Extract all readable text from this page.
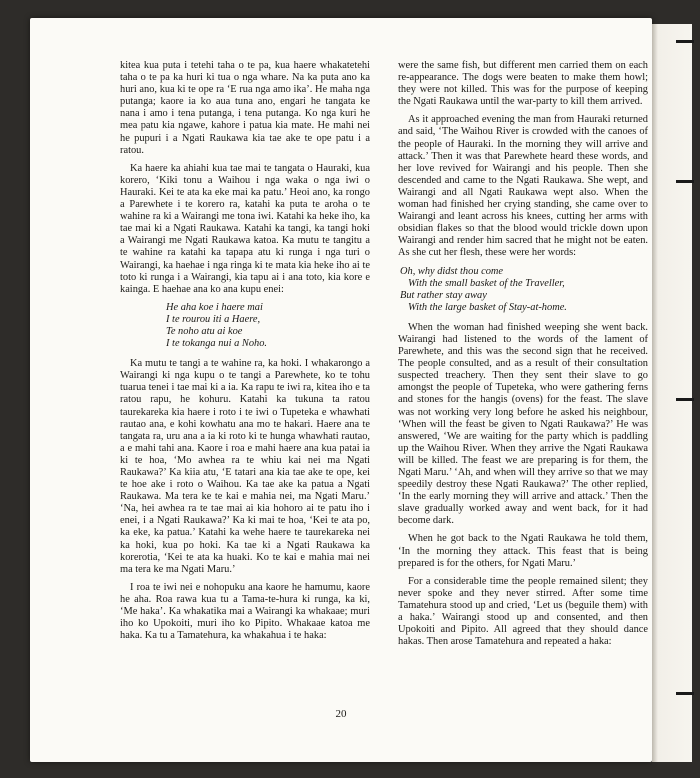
kitea kua puta i tetehi taha o te pa, kua haere whakatetehi taha o te pa ka huri ki tua o nga whare. Na ka puta ano ka huri ano, kua ki te ope ra ‘E rua nga amo ika’. He maha nga putanga; kaore ia ko aua tuna ano, engari he tangata ke nana i amo i tena putanga, i tena putanga. Ko nga kuri he mea patu kia ngawe, kahore i patua kia mate. He mahi nei he pupuri i a Ngati Raukawa kia tae ake te ope patu i a ratou.

Ka haere ka ahiahi kua tae mai te tangata o Hauraki, kua korero, ‘Kiki tonu a Waihou i nga waka o nga iwi o Hauraki. Kei te ata ka eke mai ka patu.’ Heoi ano, ka rongo a Parewhete i te korero ra, katahi ka puta te aroha o te wahine ra ki a Wairangi me tona iwi. Katahi ka heke iho, ka tae mai ki a Ngati Raukawa. Katahi ka tangi, ka tangi hoki a Wairangi me Ngati Raukawa katoa. Ka mutu te tangitu a te wahine ra katahi ka tapapa atu ki runga i nga turi o Wairangi, ka haehae i nga ringa ki te mata kia heke iho ai te toto ki runga i a Wairangi, kia tapu ai i ana toto, kia kore e kainga. E haehae ana ko ana kupu enei:

He aha koe i haere mai
I te rourou iti a Haere,
Te noho atu ai koe
I te tokanga nui a Noho.

Ka mutu te tangi a te wahine ra, ka hoki. I whakarongo a Wairangi ki nga kupu o te tangi a Parewhete, ko te tohu tuarua tenei i tae mai ki a ia. Ka rapu te iwi ra, kitea iho e ta ratou rapu, he kohuru. Katahi ka tukuna ta ratou taurekareka kia haere i roto i te iwi o Tupeteka e whawhati rautao ana, e kohi kowhatu ana mo te hakari. Haere ana te tangata ra, uru ana a ia ki roto ki te hunga whawhati rautao, a e mahi tahi ana. Kaore i roa e mahi haere ana kua patai ia ki te hoa, ‘Mo awhea ra te whiu kai nei ma Ngati Raukawa?’ Ka kiia atu, ‘E tatari ana kia tae ake te ope, kei te hoe ake i roto o Waihou. Ka tae ake ka patua a Ngati Raukawa. Ma tera ke te kai e mahia nei, ma Ngati Maru.’ ‘Na, hei awhea ra te tae mai ai kia hohoro ai te patu iho i enei, i a Ngati Raukawa?’ Ka ki mai te hoa, ‘Kei te ata po, ka eke, ka patua.’ Katahi ka wehe haere te taurekareka nei ka hoki, kua po hoki. Ka tae ki a Ngati Raukawa ka korerotia, ‘Kei te ata ka huaki. Ko te kai e mahia mai nei ma tera ke ma Ngati Maru.’

I roa te iwi nei e nohopuku ana kaore he hamumu, kaore he aha. Roa rawa kua tu a Tama-te-hura ki runga, ka ki, ‘Me haka’. Ka whakatika mai a Wairangi ka whakaae; muri iho ko Upokoiti, muri iho ko Pipito. Whakaae katoa me haka. Ka tu a Tamatehura, ka whakahua i te haka:

were the same fish, but different men carried them on each re-appearance. The dogs were beaten to make them howl; they were not killed. This was for the purpose of keeping the Ngati Raukawa until the war-party to kill them arrived.

As it approached evening the man from Hauraki returned and said, ‘The Waihou River is crowded with the canoes of the people of Hauraki. In the morning they will arrive and attack.’ Then it was that Parewhete heard these words, and her love revived for Wairangi and his people. Then she descended and came to the Ngati Raukawa. She wept, and Wairangi and all Ngati Raukawa wept also. When the woman had finished her crying standing, she came over to Wairangi and leant across his knees, cutting her arms with obsidian flakes so that the blood would trickle down upon Wairangi and render him sacred that he might not be eaten. As she cut her flesh, these were her words:

Oh, why didst thou come
With the small basket of the Traveller,
But rather stay away
With the large basket of Stay-at-home.

When the woman had finished weeping she went back. Wairangi had listened to the words of the lament of Parewhete, and this was the second sign that he received. The people consulted, and as a result of their consultation suspected treachery. Then they sent their slave to go amongst the people of Tupeteka, who were gathering ferns and stones for the hangis (ovens) for the feast. The slave was not working very long before he asked his neighbour, ‘When will the feast be given to Ngati Raukawa?’ He was answered, ‘We are waiting for the party which is paddling up the Waihou River. When they arrive the Ngati Raukawa will be killed. The feast we are preparing is for them, the Ngati Maru.’ ‘Ah, and when will they arrive so that we may speedily destroy these Ngati Raukawa?’ The other replied, ‘In the early morning they will arrive and attack.’ Then the slave gradually worked away and went back, for it had become dark.

When he got back to the Ngati Raukawa he told them, ‘In the morning they attack. This feast that is being prepared is for the others, for Ngati Maru.’

For a considerable time the people remained silent; they never spoke and they never stirred. After some time Tamatehura stood up and cried, ‘Let us (beguile them) with a haka.’ Wairangi stood up and consented, and then Upokoiti and Pipito. All agreed that they should dance hakas. Then arose Tamatehura and repeated a haka:

20
